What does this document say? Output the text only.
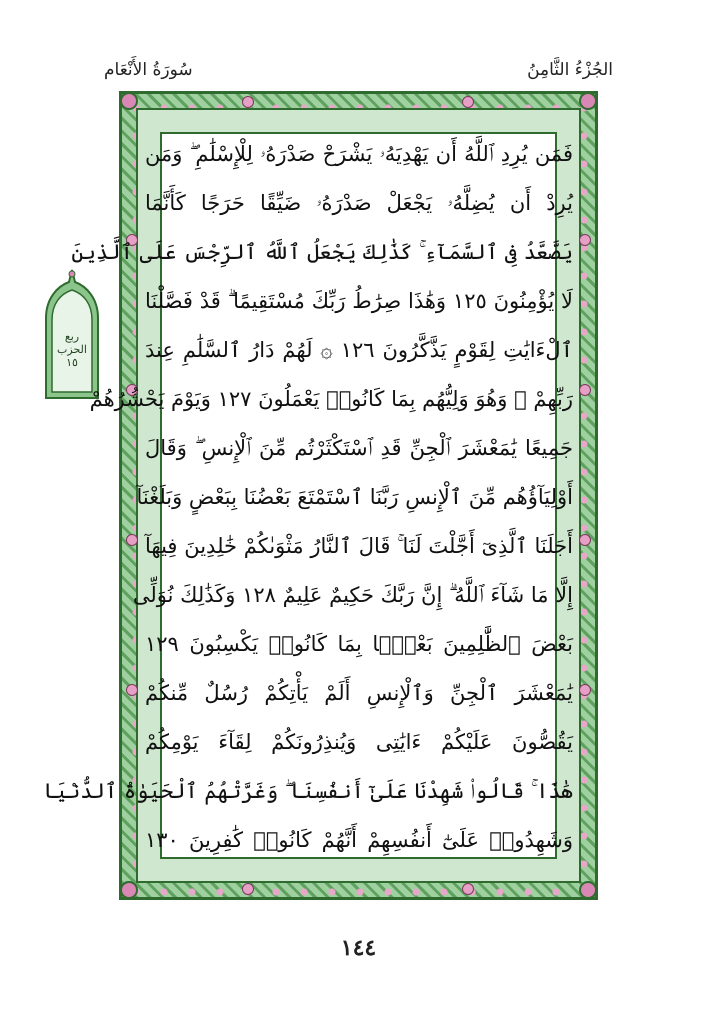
سُورَةُ الأَنْعَام	الجُزْءُ الثَّامِنُ
ربع
الحزب
١٥
فَمَن يُرِدِ ٱللَّهُ أَن يَهْدِيَهُۥ يَشْرَحْ صَدْرَهُۥ لِلْإِسْلَٰمِ ۖ وَمَن
يُرِدْ أَن يُضِلَّهُۥ يَجْعَلْ صَدْرَهُۥ ضَيِّقًا حَرَجًا كَأَنَّمَا
يَصَّعَّدُ فِى ٱلسَّمَآءِ ۚ كَذَٰلِكَ يَجْعَلُ ٱللَّهُ ٱلرِّجْسَ عَلَى ٱلَّذِينَ
لَا يُؤْمِنُونَ ١٢٥ وَهَٰذَا صِرَٰطُ رَبِّكَ مُسْتَقِيمًا ۗ قَدْ فَصَّلْنَا
ٱلْءَايَٰتِ لِقَوْمٍ يَذَّكَّرُونَ ١٢٦ ۞ لَهُمْ دَارُ ٱلسَّلَٰمِ عِندَ
رَبِّهِمْ ۖ وَهُوَ وَلِيُّهُم بِمَا كَانُوا۟ يَعْمَلُونَ ١٢٧ وَيَوْمَ يَحْشُرُهُمْ
جَمِيعًا يَٰمَعْشَرَ ٱلْجِنِّ قَدِ ٱسْتَكْثَرْتُم مِّنَ ٱلْإِنسِ ۖ وَقَالَ
أَوْلِيَآؤُهُم مِّنَ ٱلْإِنسِ رَبَّنَا ٱسْتَمْتَعَ بَعْضُنَا بِبَعْضٍ وَبَلَغْنَآ
أَجَلَنَا ٱلَّذِىٓ أَجَّلْتَ لَنَا ۚ قَالَ ٱلنَّارُ مَثْوَىٰكُمْ خَٰلِدِينَ فِيهَآ
إِلَّا مَا شَآءَ ٱللَّهُ ۗ إِنَّ رَبَّكَ حَكِيمٌ عَلِيمٌ ١٢٨ وَكَذَٰلِكَ نُوَلِّى
بَعْضَ ٱلظَّٰلِمِينَ بَعْضًۢا بِمَا كَانُوا۟ يَكْسِبُونَ ١٢٩
يَٰمَعْشَرَ ٱلْجِنِّ وَٱلْإِنسِ أَلَمْ يَأْتِكُمْ رُسُلٌ مِّنكُمْ
يَقُصُّونَ عَلَيْكُمْ ءَايَٰتِى وَيُنذِرُونَكُمْ لِقَآءَ يَوْمِكُمْ
هَٰذَا ۚ قَالُوا۟ شَهِدْنَا عَلَىٰٓ أَنفُسِنَا ۖ وَغَرَّتْهُمُ ٱلْحَيَوٰةُ ٱلدُّنْيَا
وَشَهِدُوا۟ عَلَىٰٓ أَنفُسِهِمْ أَنَّهُمْ كَانُوا۟ كَٰفِرِينَ ١٣٠
١٤٤
